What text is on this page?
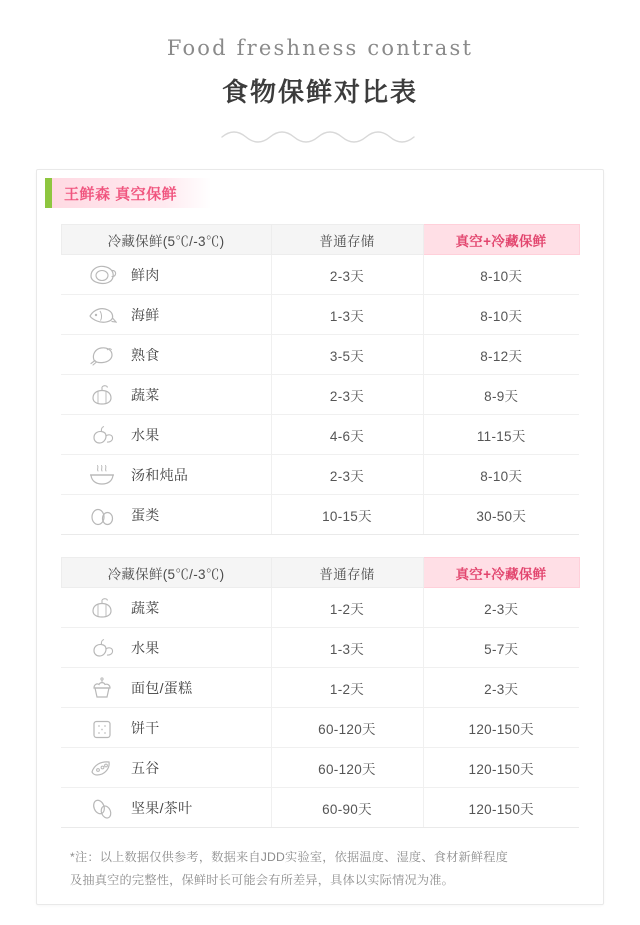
Food freshness contrast
食物保鲜对比表
王鲜森 真空保鲜
冷藏保鲜(5℃/-3℃)	普通存储	真空+冷藏保鲜

鲜肉	2-3天	8-10天

海鲜	1-3天	8-10天

熟食	3-5天	8-12天

蔬菜	2-3天	8-9天

水果	4-6天	11-15天

汤和炖品	2-3天	8-10天

蛋类	10-15天	30-50天
冷藏保鲜(5℃/-3℃)	普通存储	真空+冷藏保鲜

蔬菜	1-2天	2-3天

水果	1-3天	5-7天

面包/蛋糕	1-2天	2-3天

饼干	60-120天	120-150天

五谷	60-120天	120-150天

坚果/茶叶	60-90天	120-150天
*注：以上数据仅供参考，数据来自JDD实验室，依据温度、湿度、食材新鲜程度
及抽真空的完整性，保鲜时长可能会有所差异，具体以实际情况为准。
